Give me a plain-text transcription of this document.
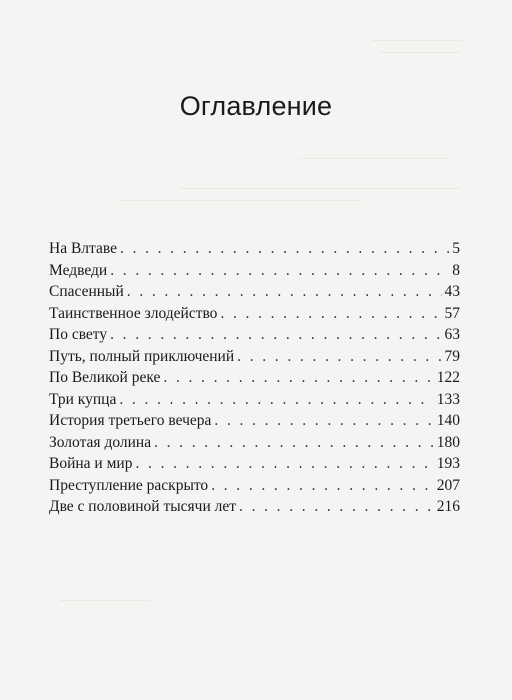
Оглавление
На Влтаве . . .	5
Медведи . . .	8
Спасенный . . .	43
Таинственное злодейство . . .	57
По свету . . .	63
Путь, полный приключений . . .	79
По Великой реке . . .	122
Три купца . . .	133
История третьего вечера . . .	140
Золотая долина . . .	180
Война и мир . . .	193
Преступление раскрыто . . .	207
Две с половиной тысячи лет . . .	216
